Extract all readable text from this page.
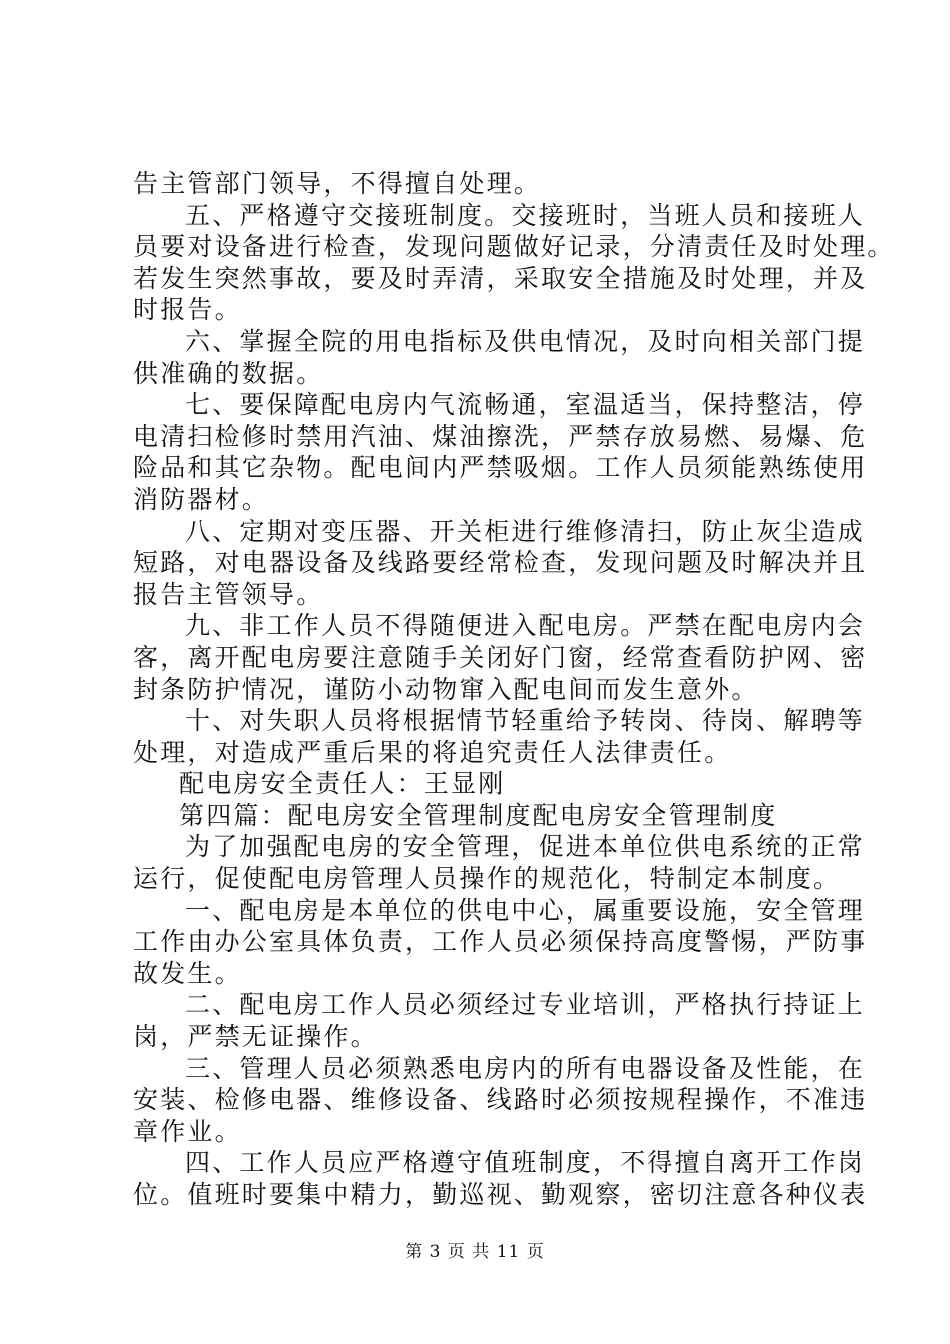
告主管部门领导，不得擅自处理。
五、严格遵守交接班制度。交接班时，当班人员和接班人
员要对设备进行检查，发现问题做好记录，分清责任及时处理。
若发生突然事故，要及时弄清，采取安全措施及时处理，并及
时报告。
六、掌握全院的用电指标及供电情况，及时向相关部门提
供准确的数据。
七、要保障配电房内气流畅通，室温适当，保持整洁，停
电清扫检修时禁用汽油、煤油擦洗，严禁存放易燃、易爆、危
险品和其它杂物。配电间内严禁吸烟。工作人员须能熟练使用
消防器材。
八、定期对变压器、开关柜进行维修清扫，防止灰尘造成
短路，对电器设备及线路要经常检查，发现问题及时解决并且
报告主管领导。
九、非工作人员不得随便进入配电房。严禁在配电房内会
客，离开配电房要注意随手关闭好门窗，经常查看防护网、密
封条防护情况，谨防小动物窜入配电间而发生意外。
十、对失职人员将根据情节轻重给予转岗、待岗、解聘等
处理，对造成严重后果的将追究责任人法律责任。
配电房安全责任人：王显刚
第四篇：配电房安全管理制度配电房安全管理制度
为了加强配电房的安全管理，促进本单位供电系统的正常
运行，促使配电房管理人员操作的规范化，特制定本制度。
一、配电房是本单位的供电中心，属重要设施，安全管理
工作由办公室具体负责，工作人员必须保持高度警惕，严防事
故发生。
二、配电房工作人员必须经过专业培训，严格执行持证上
岗，严禁无证操作。
三、管理人员必须熟悉电房内的所有电器设备及性能，在
安装、检修电器、维修设备、线路时必须按规程操作，不准违
章作业。
四、工作人员应严格遵守值班制度，不得擅自离开工作岗
位。值班时要集中精力，勤巡视、勤观察，密切注意各种仪表
第 3 页 共 11 页
